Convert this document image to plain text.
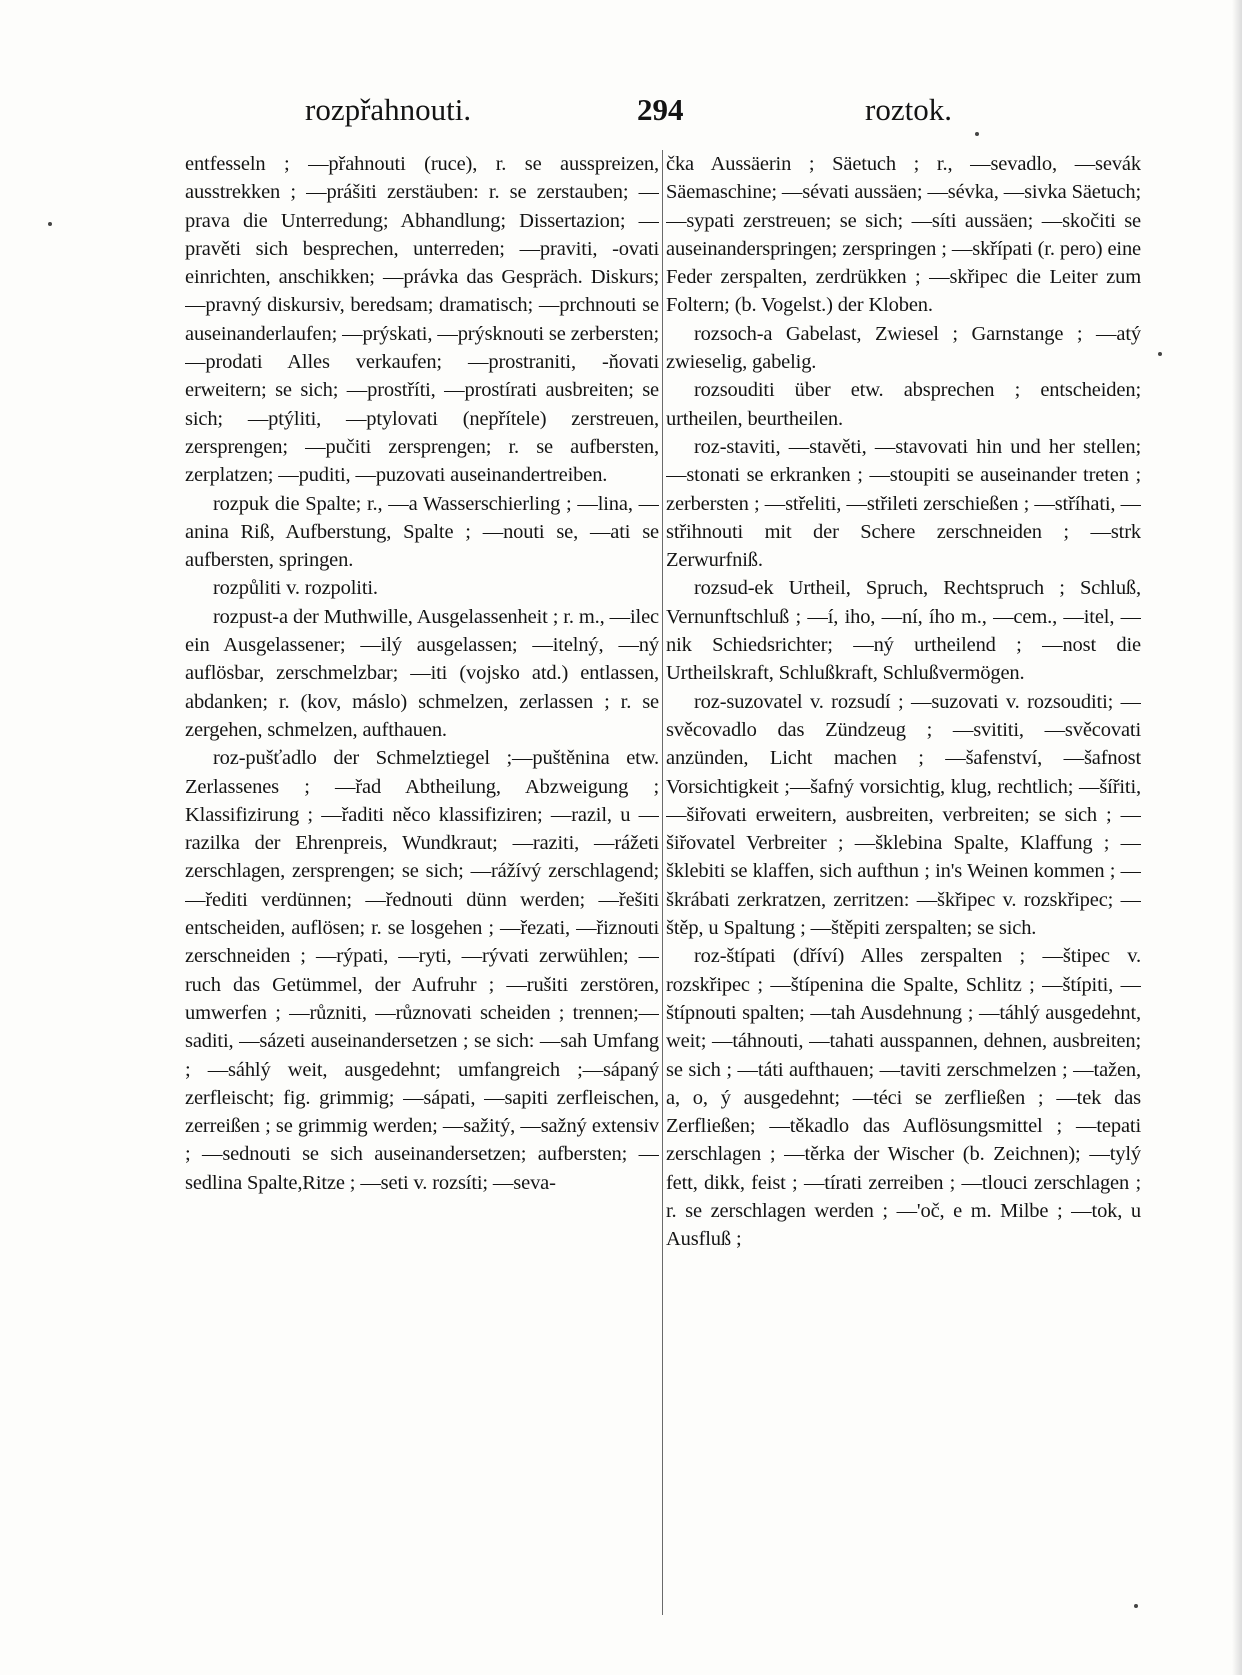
rozpřahnouti.	294	roztok.

entfesseln ; —přahnouti (ruce), r. se ausspreizen, ausstrekken ; —prášiti zerstäuben: r. se zerstauben; —prava die Unterredung; Abhandlung; Dissertazion; —pravěti sich besprechen, unterreden; —praviti, -ovati einrichten, anschikken; —právka das Gespräch. Diskurs; —pravný diskursiv, beredsam; dramatisch; —prchnouti se auseinanderlaufen; —prýskati, —prýsknouti se zerbersten; —prodati Alles verkaufen; —prostraniti, -ňovati erweitern; se sich; —prostříti, —prostírati ausbreiten; se sich; —ptýliti, —ptylovati (nepřítele) zerstreuen, zersprengen; —pučiti zersprengen; r. se aufbersten, zerplatzen; —puditi, —puzovati auseinandertreiben.

rozpuk die Spalte; r., —a Wasserschierling ; —lina, —anina Riß, Aufberstung, Spalte ; —nouti se, —ati se aufbersten, springen.

rozpůliti v. rozpoliti.

rozpust-a der Muthwille, Ausgelassenheit ; r. m., —ilec ein Ausgelassener; —ilý ausgelassen; —itelný, —ný auflösbar, zerschmelzbar; —iti (vojsko atd.) entlassen, abdanken; r. (kov, máslo) schmelzen, zerlassen ; r. se zergehen, schmelzen, aufthauen.

roz-pušťadlo der Schmelztiegel ;—puštěnina etw. Zerlassenes ; —řad Abtheilung, Abzweigung ; Klassifizirung ; —řaditi něco klassifiziren; —razil, u —razilka der Ehrenpreis, Wundkraut; —raziti, —rážeti zerschlagen, zersprengen; se sich; —rážívý zerschlagend; —řediti verdünnen; —řednouti dünn werden; —řešiti entscheiden, auflösen; r. se losgehen ; —řezati, —řiznouti zerschneiden ; —rýpati, —ryti, —rývati zerwühlen; —ruch das Getümmel, der Aufruhr ; —rušiti zerstören, umwerfen ; —různiti, —různovati scheiden ; trennen;—saditi, —sázeti auseinandersetzen ; se sich: —sah Umfang ; —sáhlý weit, ausgedehnt; umfangreich ;—sápaný zerfleischt; fig. grimmig; —sápati, —sapiti zerfleischen, zerreißen ; se grimmig werden; —sažitý, —sažný extensiv ; —sednouti se sich auseinandersetzen; aufbersten; —sedlina Spalte,Ritze ; —seti v. rozsíti; —seva-

čka Aussäerin ; Säetuch ; r., —sevadlo, —sevák Säemaschine; —sévati aussäen; —sévka, —sivka Säetuch; —sypati zerstreuen; se sich; —síti aussäen; —skočiti se auseinanderspringen; zerspringen ; —skřípati (r. pero) eine Feder zerspalten, zerdrükken ; —skřipec die Leiter zum Foltern; (b. Vogelst.) der Kloben.

rozsoch-a Gabelast, Zwiesel ; Garnstange ; —atý zwieselig, gabelig.

rozsouditi über etw. absprechen ; entscheiden; urtheilen, beurtheilen.

roz-staviti, —stavěti, —stavovati hin und her stellen; —stonati se erkranken ; —stoupiti se auseinander treten ; zerbersten ; —střeliti, —střileti zerschießen ; —stříhati, —střihnouti mit der Schere zerschneiden ; —strk Zerwurfniß.

rozsud-ek Urtheil, Spruch, Rechtspruch ; Schluß, Vernunftschluß ; —í, iho, —ní, ího m., —cem., —itel, —nik Schiedsrichter; —ný urtheilend ; —nost die Urtheilskraft, Schlußkraft, Schlußvermögen.

roz-suzovatel v. rozsudí ; —suzovati v. rozsouditi; —svěcovadlo das Zündzeug ; —svititi, —svěcovati anzünden, Licht machen ; —šafenství, —šafnost Vorsichtigkeit ;—šafný vorsichtig, klug, rechtlich; —šířiti, —šiřovati erweitern, ausbreiten, verbreiten; se sich ; —šiřovatel Verbreiter ; —šklebina Spalte, Klaffung ; —šklebiti se klaffen, sich aufthun ; in's Weinen kommen ; —škrábati zerkratzen, zerritzen: —škřipec v. rozskřipec; —štěp, u Spaltung ; —štěpiti zerspalten; se sich.

roz-štípati (dříví) Alles zerspalten ; —štipec v. rozskřipec ; —štípenina die Spalte, Schlitz ; —štípiti, —štípnouti spalten; —tah Ausdehnung ; —táhlý ausgedehnt, weit; —táhnouti, —tahati ausspannen, dehnen, ausbreiten; se sich ; —táti aufthauen; —taviti zerschmelzen ; —tažen, a, o, ý ausgedehnt; —téci se zerfließen ; —tek das Zerfließen; —těkadlo das Auflösungsmittel ; —tepati zerschlagen ; —těrka der Wischer (b. Zeichnen); —tylý fett, dikk, feist ; —tírati zerreiben ; —tlouci zerschlagen ; r. se zerschlagen werden ; —'oč, e m. Milbe ; —tok, u Ausfluß ;
